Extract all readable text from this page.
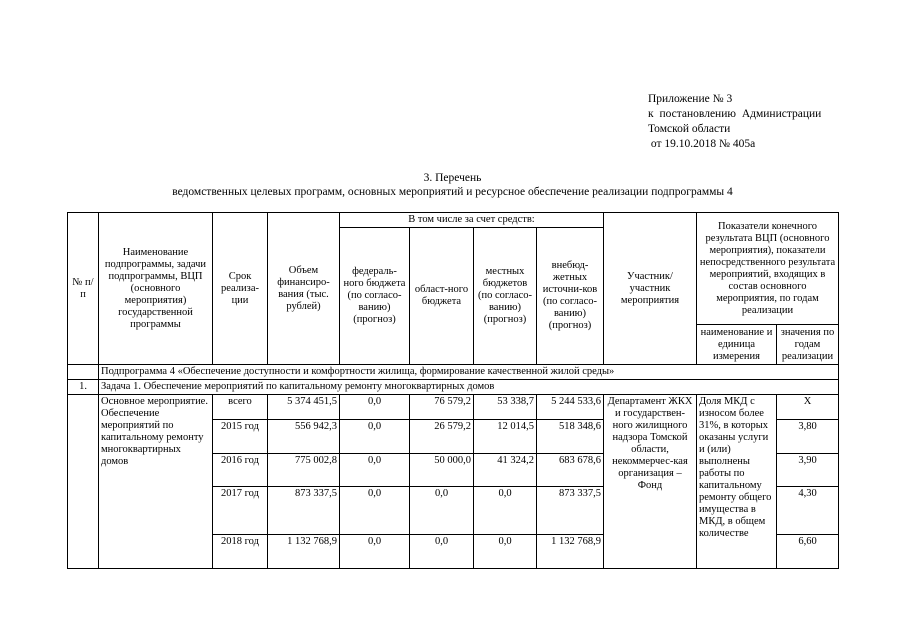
Приложение № 3
к постановлению Администрации
Томской области
от 19.10.2018 № 405а
3. Перечень
ведомственных целевых программ, основных мероприятий и ресурсное обеспечение реализации подпрограммы 4
№ п/п	Наименование подпрограммы, задачи подпрограммы, ВЦП (основного мероприятия) государственной программы	Срок реализа-ции	Объем финансиро-вания (тыс. рублей)	В том числе за счет средств:				Участник/ участник мероприятия	Показатели конечного результата ВЦП (основного мероприятия), показатели непосредственного результата мероприятий, входящих в состав основного мероприятия, по годам реализации	
				федераль-ного бюджета (по согласо-ванию) (прогноз)	област-ного бюджета	местных бюджетов (по согласо-ванию) (прогноз)	внебюд-жетных источни-ков (по согласо-ванию) (прогноз)			
									наименование и единица измерения	значения по годам реализации
	Подпрограмма 4 «Обеспечение доступности и комфортности жилища, формирование качественной жилой среды»									
1.	Задача 1. Обеспечение мероприятий по капитальному ремонту многоквартирных домов									
	Основное мероприятие. Обеспечение мероприятий по капитальному ремонту многоквартирных домов	всего	5 374 451,5	0,0	76 579,2	53 338,7	5 244 533,6	Департамент ЖКХ и государствен-ного жилищного надзора Томской области, некоммерчес-кая организация – Фонд	Доля МКД с износом более 31%, в которых оказаны услуги и (или) выполнены работы по капитальному ремонту общего имущества в МКД, в общем количестве	X
		2015 год	556 942,3	0,0	26 579,2	12 014,5	518 348,6			3,80
		2016 год	775 002,8	0,0	50 000,0	41 324,2	683 678,6			3,90
		2017 год	873 337,5	0,0	0,0	0,0	873 337,5			4,30
		2018 год	1 132 768,9	0,0	0,0	0,0	1 132 768,9			6,60
